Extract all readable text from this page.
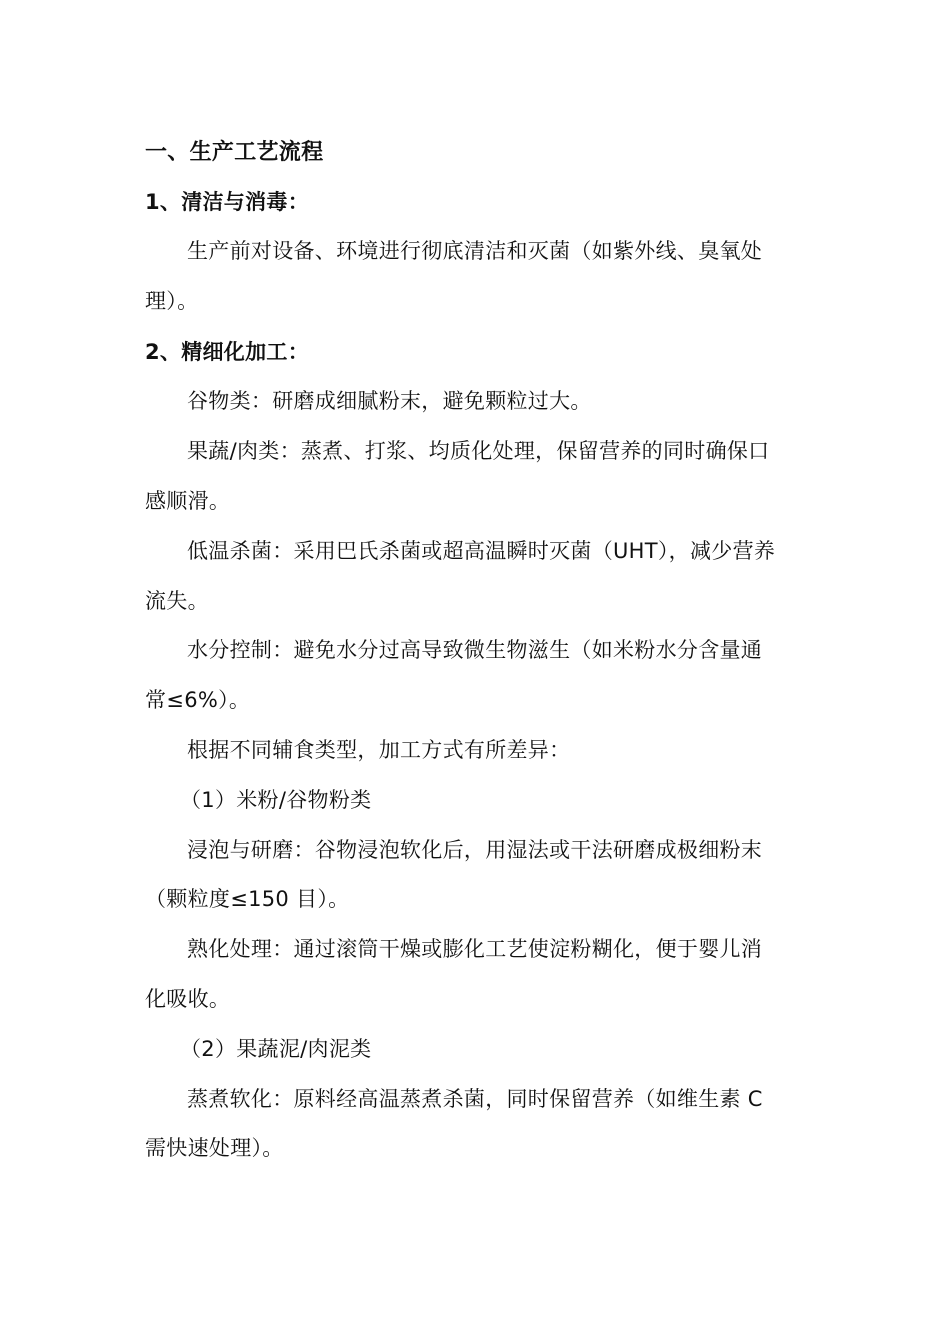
一、生产工艺流程
1、清洁与消毒：
生产前对设备、环境进行彻底清洁和灭菌（如紫外线、臭氧处
理）。
2、精细化加工：
谷物类：研磨成细腻粉末，避免颗粒过大。
果蔬/肉类：蒸煮、打浆、均质化处理，保留营养的同时确保口
感顺滑。
低温杀菌：采用巴氏杀菌或超高温瞬时灭菌（UHT），减少营养
流失。
水分控制：避免水分过高导致微生物滋生（如米粉水分含量通
常≤6%）。
根据不同辅食类型，加工方式有所差异：
（1）米粉/谷物粉类
浸泡与研磨：谷物浸泡软化后，用湿法或干法研磨成极细粉末
（颗粒度≤150 目）。
熟化处理：通过滚筒干燥或膨化工艺使淀粉糊化，便于婴儿消
化吸收。
（2）果蔬泥/肉泥类
蒸煮软化：原料经高温蒸煮杀菌，同时保留营养（如维生素 C
需快速处理）。
